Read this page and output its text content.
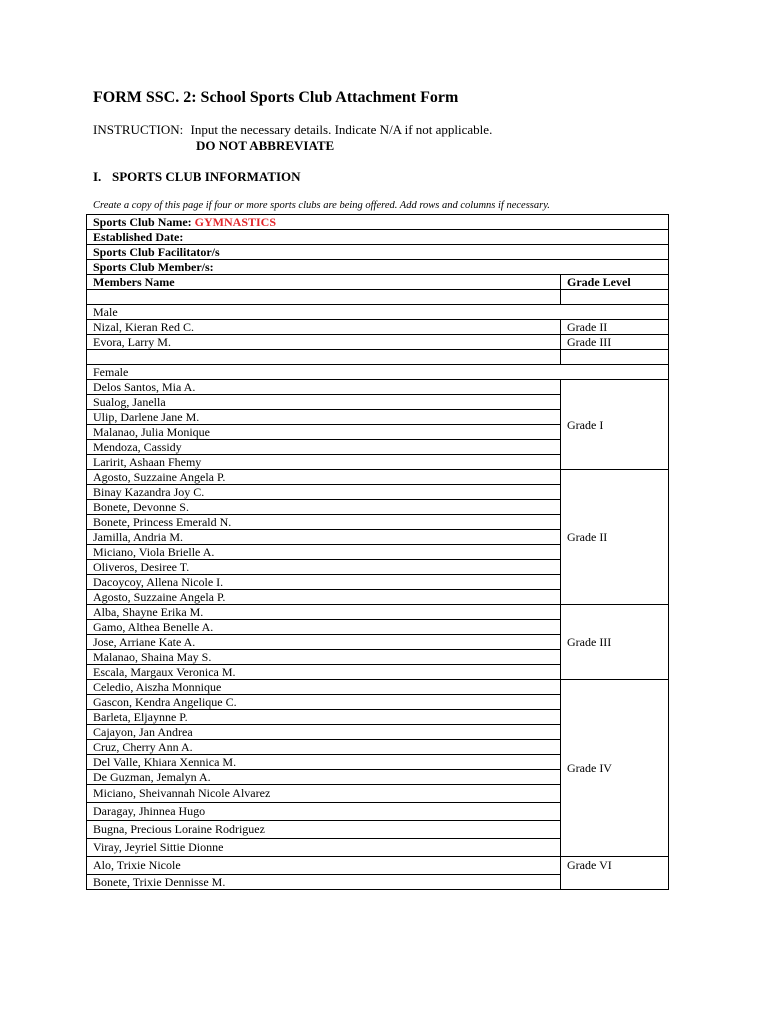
FORM SSC. 2: School Sports Club Attachment Form
INSTRUCTION: Input the necessary details. Indicate N/A if not applicable.
DO NOT ABBREVIATE
I. SPORTS CLUB INFORMATION
Create a copy of this page if four or more sports clubs are being offered. Add rows and columns if necessary.
Sports Club Name: GYMNASTICS	
Established Date:	
Sports Club Facilitator/s	
Sports Club Member/s:	
Members Name	Grade Level

Male	
Nizal, Kieran Red C.	Grade II
Evora, Larry M.	Grade III

Female	
Delos Santos, Mia A.	Grade I
Sualog, Janella	
Ulip, Darlene Jane M.	
Malanao, Julia Monique	
Mendoza, Cassidy	
Laririt, Ashaan Fhemy	
Agosto, Suzzaine Angela P.	Grade II
Binay Kazandra Joy C.	
Bonete, Devonne S.	
Bonete, Princess Emerald N.	
Jamilla, Andria M.	
Miciano, Viola Brielle A.	
Oliveros, Desiree T.	
Dacoycoy, Allena Nicole I.	
Agosto, Suzzaine Angela P.	
Alba, Shayne Erika M.	Grade III
Gamo, Althea Benelle A.	
Jose, Arriane Kate A.	
Malanao, Shaina May S.	
Escala, Margaux Veronica M.	
Celedio, Aiszha Monnique	Grade IV
Gascon, Kendra Angelique C.	
Barleta, Eljaynne P.	
Cajayon, Jan Andrea	
Cruz, Cherry Ann A.	
Del Valle, Khiara Xennica M.	
De Guzman, Jemalyn A.	
Miciano, Sheivannah Nicole Alvarez	
Daragay, Jhinnea Hugo	
Bugna, Precious Loraine Rodriguez	
Viray, Jeyriel Sittie Dionne	
Alo, Trixie Nicole	Grade VI
Bonete, Trixie Dennisse M.	
